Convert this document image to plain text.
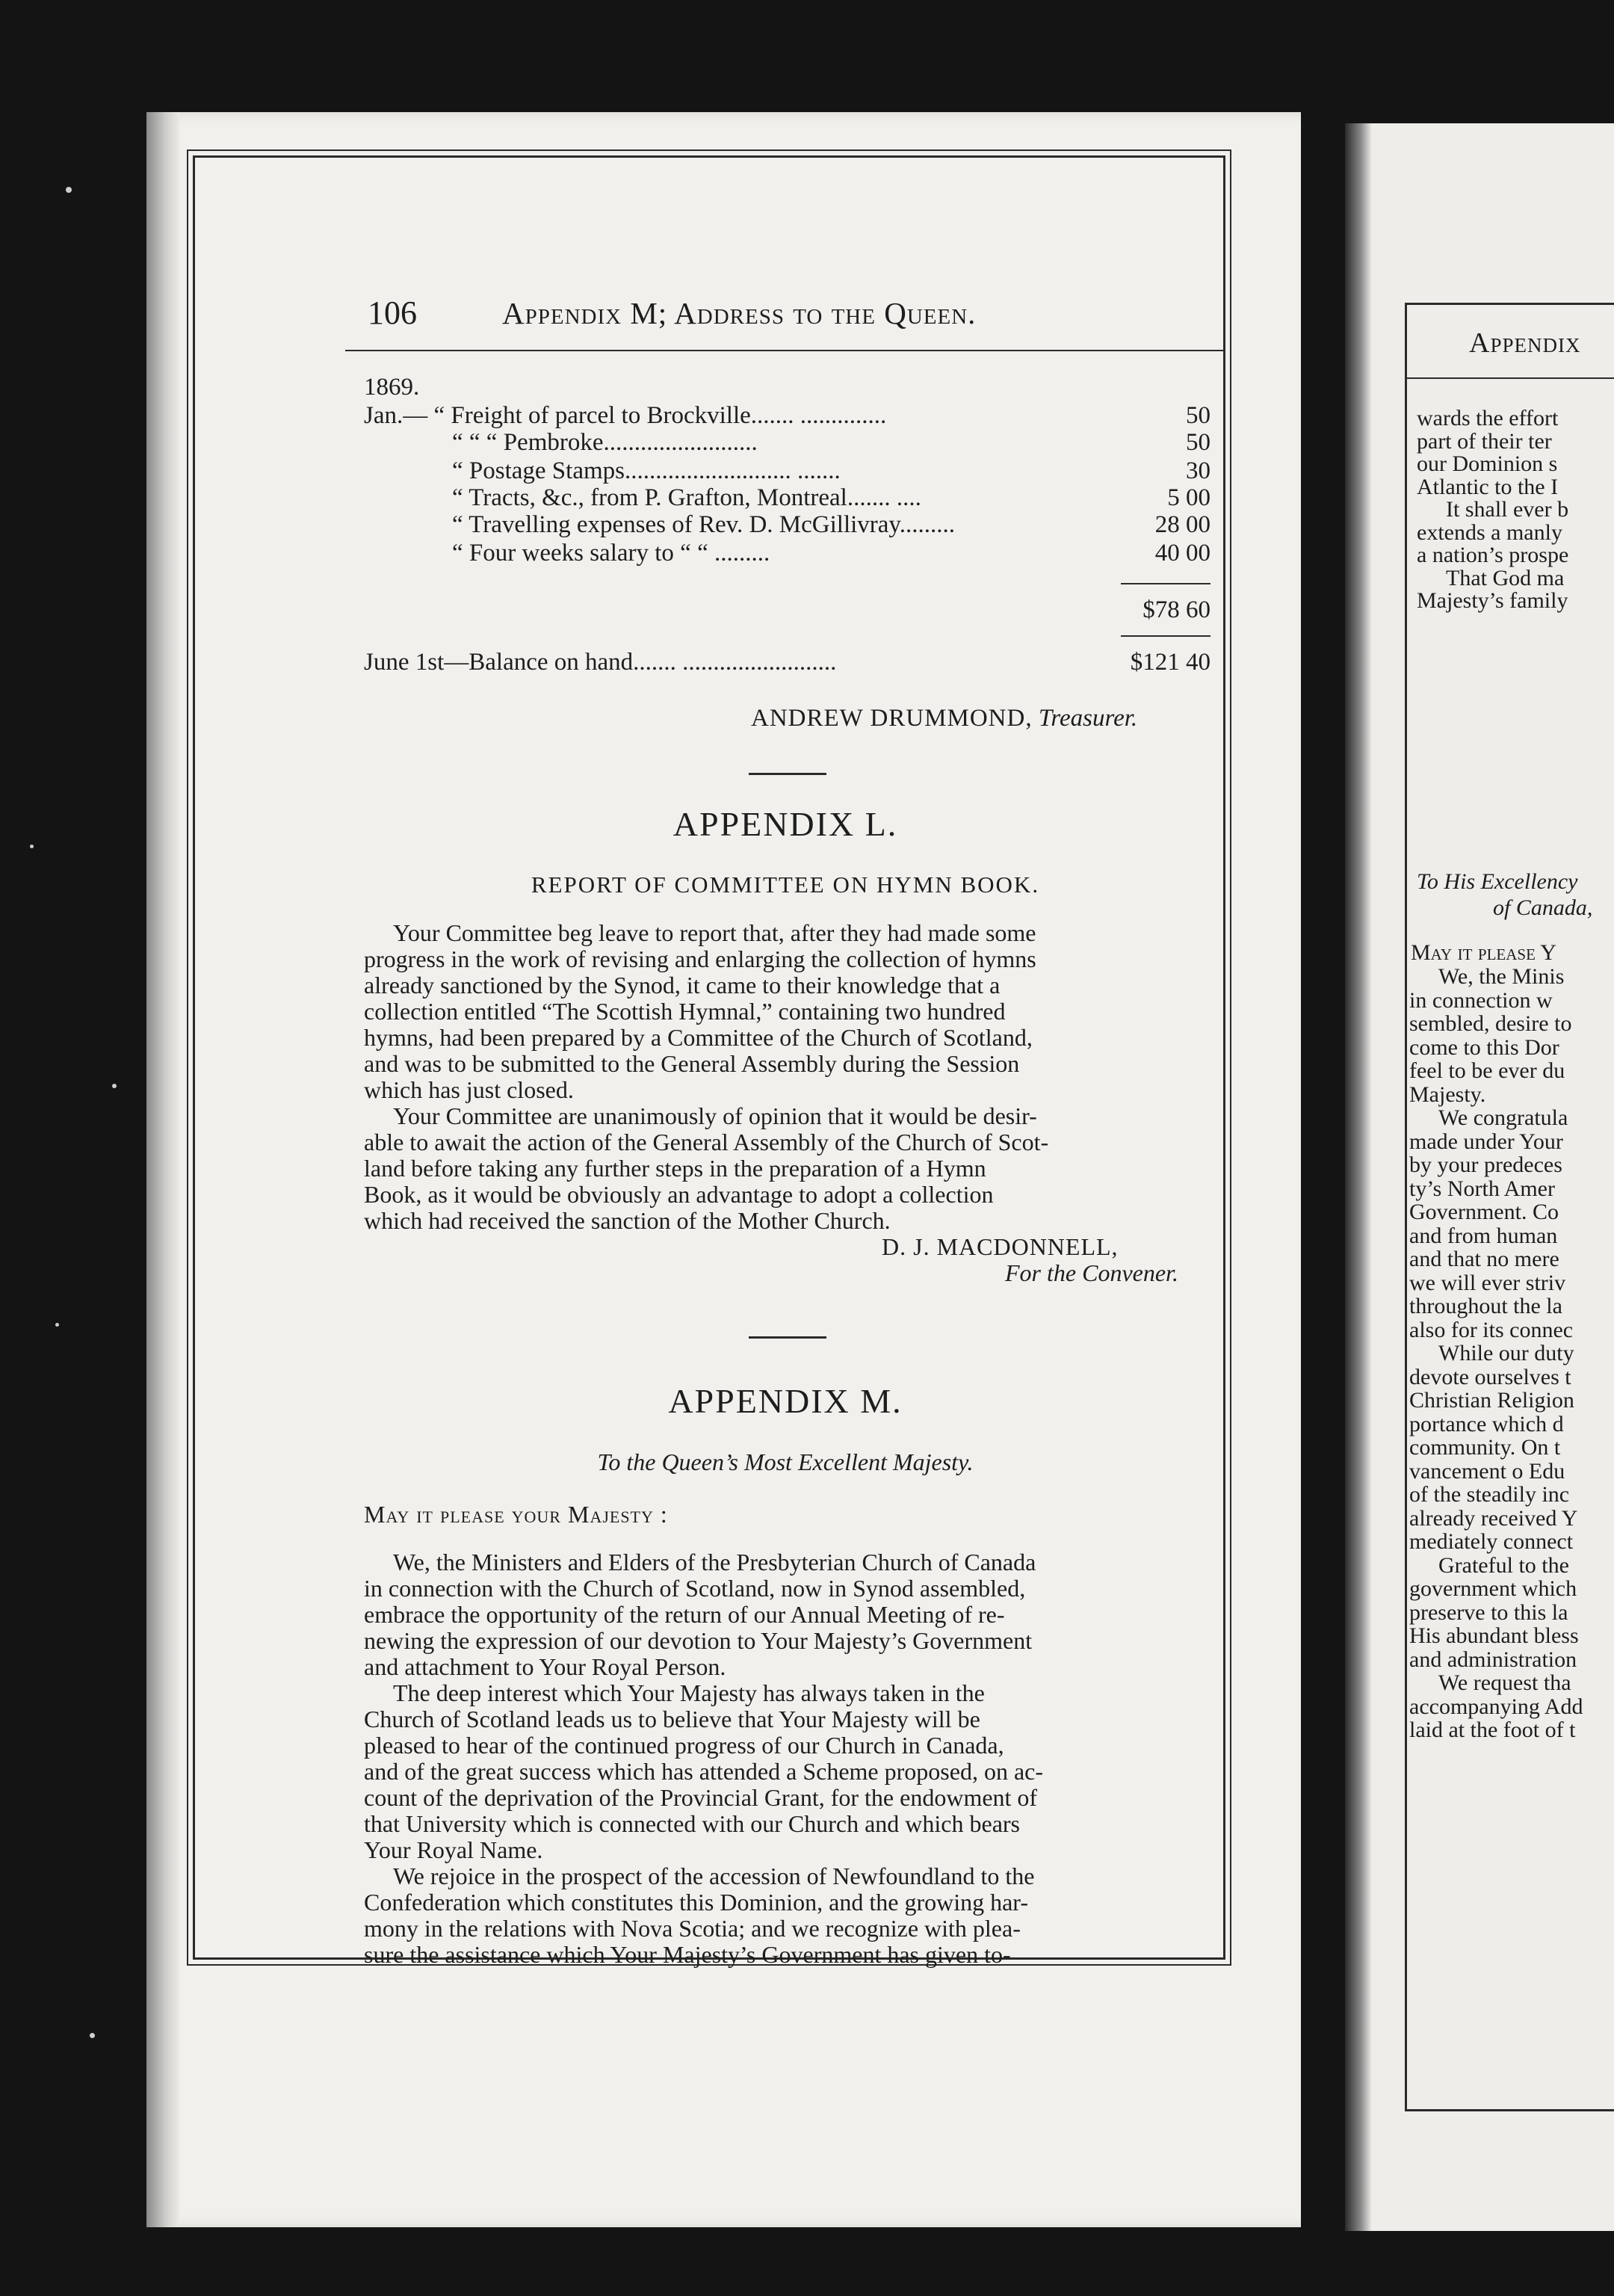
106	Appendix M; Address to the Queen.
1869.
Jan.— “ Freight of parcel to Brockville....... ..............	50
“ “ “ Pembroke.........................	50
“ Postage Stamps........................... .......	30
“ Tracts, &c., from P. Grafton, Montreal....... ....	5 00
“ Travelling expenses of Rev. D. McGillivray.........	28 00
“ Four weeks salary to “ “ .........	40 00
$78 60
June 1st—Balance on hand....... .........................	$121 40
ANDREW DRUMMOND, Treasurer.
APPENDIX L.
REPORT OF COMMITTEE ON HYMN BOOK.
Your Committee beg leave to report that, after they had made some
progress in the work of revising and enlarging the collection of hymns
already sanctioned by the Synod, it came to their knowledge that a
collection entitled “The Scottish Hymnal,” containing two hundred
hymns, had been prepared by a Committee of the Church of Scotland,
and was to be submitted to the General Assembly during the Session
which has just closed.
Your Committee are unanimously of opinion that it would be desir-
able to await the action of the General Assembly of the Church of Scot-
land before taking any further steps in the preparation of a Hymn
Book, as it would be obviously an advantage to adopt a collection
which had received the sanction of the Mother Church.
D. J. MACDONNELL,
For the Convener.
APPENDIX M.
To the Queen’s Most Excellent Majesty.
May it please your Majesty :
We, the Ministers and Elders of the Presbyterian Church of Canada
in connection with the Church of Scotland, now in Synod assembled,
embrace the opportunity of the return of our Annual Meeting of re-
newing the expression of our devotion to Your Majesty’s Government
and attachment to Your Royal Person.
The deep interest which Your Majesty has always taken in the
Church of Scotland leads us to believe that Your Majesty will be
pleased to hear of the continued progress of our Church in Canada,
and of the great success which has attended a Scheme proposed, on ac-
count of the deprivation of the Provincial Grant, for the endowment of
that University which is connected with our Church and which bears
Your Royal Name.
We rejoice in the prospect of the accession of Newfoundland to the
Confederation which constitutes this Dominion, and the growing har-
mony in the relations with Nova Scotia; and we recognize with plea-
sure the assistance which Your Majesty’s Government has given to-
Appendix
wards the effort
part of their ter
our Dominion s
Atlantic to the I
It shall ever b
extends a manly
a nation’s prospe
That God ma
Majesty’s family
To His Excellency
of Canada,
May it please Y
We, the Minis
in connection w
sembled, desire to
come to this Dor
feel to be ever du
Majesty.
We congratula
made under Your
by your predeces
ty’s North Amer
Government. Co
and from human
and that no mere
we will ever striv
throughout the la
also for its connec
While our duty
devote ourselves t
Christian Religion
portance which d
community. On t
vancement o Edu
of the steadily inc
already received Y
mediately connect
Grateful to the
government which
preserve to this la
His abundant bless
and administration
We request tha
accompanying Add
laid at the foot of t
